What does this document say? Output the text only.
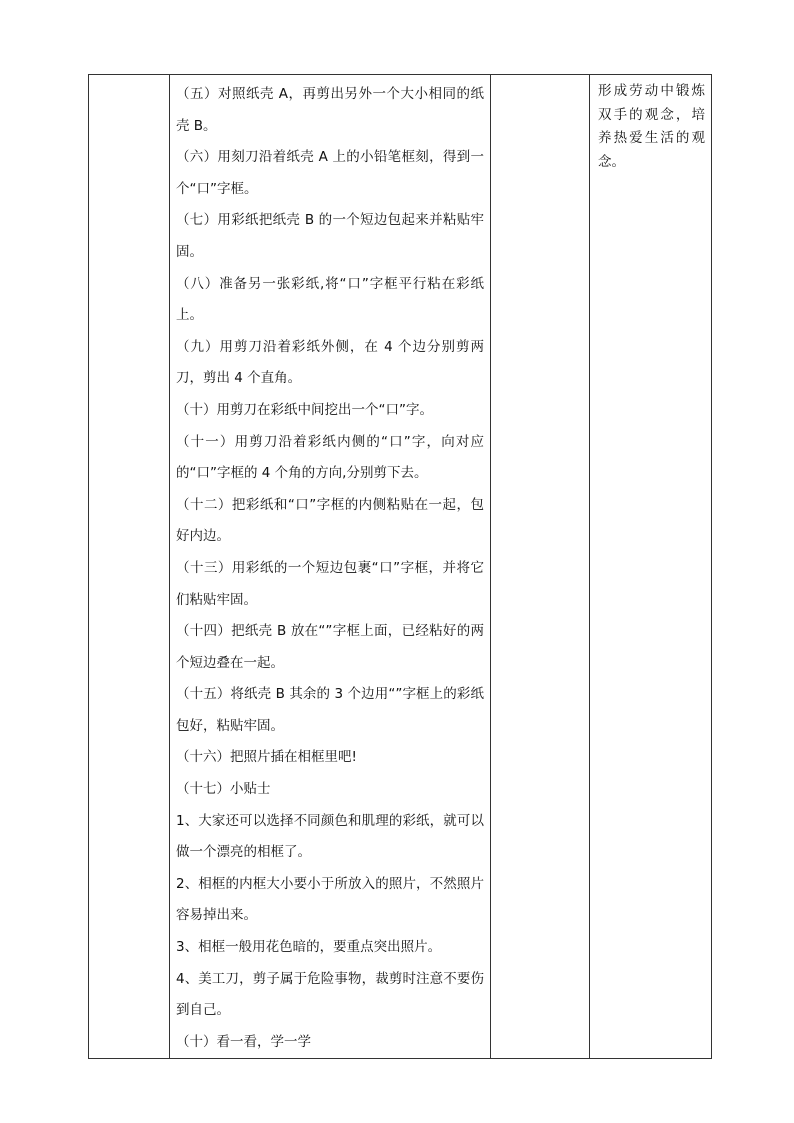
（五）对照纸壳 A，再剪出另外一个大小相同的纸壳 B。

（六）用刻刀沿着纸壳 A 上的小铅笔框刻，得到一个“口”字框。

（七）用彩纸把纸壳 B 的一个短边包起来并粘贴牢固。

（八）准备另一张彩纸,将“口”字框平行粘在彩纸上。

（九）用剪刀沿着彩纸外侧，在 4 个边分别剪两刀，剪出 4 个直角。

（十）用剪刀在彩纸中间挖出一个“口”字。

（十一）用剪刀沿着彩纸内侧的“口”字，向对应的“口”字框的 4 个角的方向,分别剪下去。

（十二）把彩纸和“口”字框的内侧粘贴在一起，包好内边。

（十三）用彩纸的一个短边包裹“口”字框，并将它们粘贴牢固。

（十四）把纸壳 B 放在“”字框上面，已经粘好的两个短边叠在一起。

（十五）将纸壳 B 其余的 3 个边用“”字框上的彩纸包好，粘贴牢固。

（十六）把照片插在相框里吧!

（十七）小贴士

1、大家还可以选择不同颜色和肌理的彩纸，就可以做一个漂亮的相框了。

2、相框的内框大小要小于所放入的照片，不然照片容易掉出来。

3、相框一般用花色暗的，要重点突出照片。

4、美工刀，剪子属于危险事物，裁剪时注意不要伤到自己。

（十）看一看，学一学

形成劳动中锻炼双手的观念，培养热爱生活的观念。
